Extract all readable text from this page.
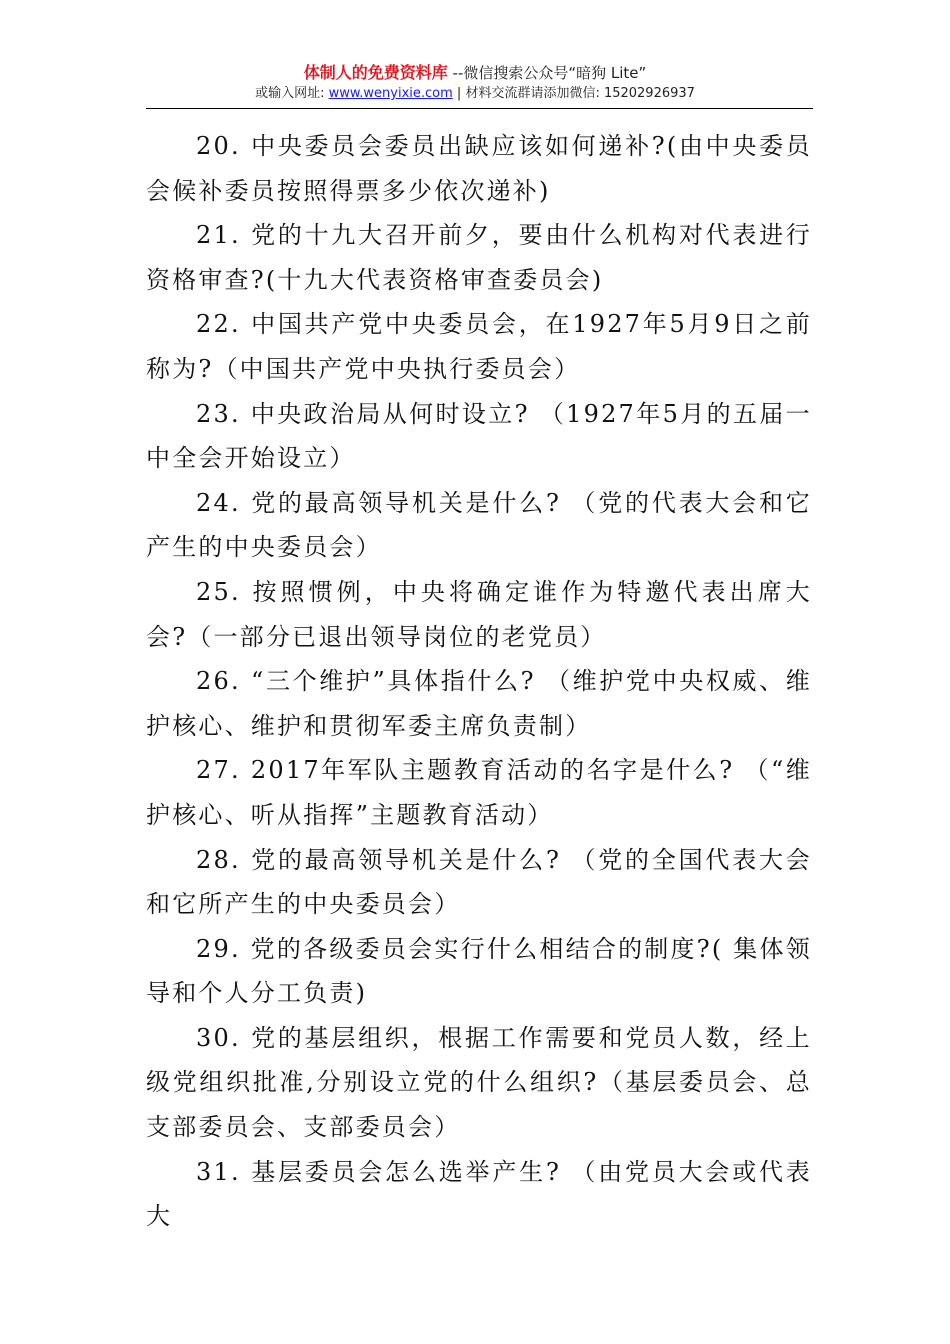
体制人的免费资料库 --微信搜索公众号“暗狗 Lite”
或输入网址: www.wenyixie.com | 材料交流群请添加微信: 15202926937

20. 中央委员会委员出缺应该如何递补?(由中央委员会候补委员按照得票多少依次递补)

21. 党的十九大召开前夕，要由什么机构对代表进行资格审查?(十九大代表资格审查委员会)

22. 中国共产党中央委员会，在1927年5月9日之前称为?（中国共产党中央执行委员会）

23. 中央政治局从何时设立? （1927年5月的五届一中全会开始设立）

24. 党的最高领导机关是什么? （党的代表大会和它产生的中央委员会）

25. 按照惯例，中央将确定谁作为特邀代表出席大会?（一部分已退出领导岗位的老党员）

26. “三个维护”具体指什么? （维护党中央权威、维护核心、维护和贯彻军委主席负责制）

27. 2017年军队主题教育活动的名字是什么? （“维护核心、听从指挥”主题教育活动）

28. 党的最高领导机关是什么? （党的全国代表大会和它所产生的中央委员会）

29. 党的各级委员会实行什么相结合的制度?( 集体领导和个人分工负责)

30. 党的基层组织，根据工作需要和党员人数，经上级党组织批准,分别设立党的什么组织?（基层委员会、总支部委员会、支部委员会）

31. 基层委员会怎么选举产生? （由党员大会或代表大
